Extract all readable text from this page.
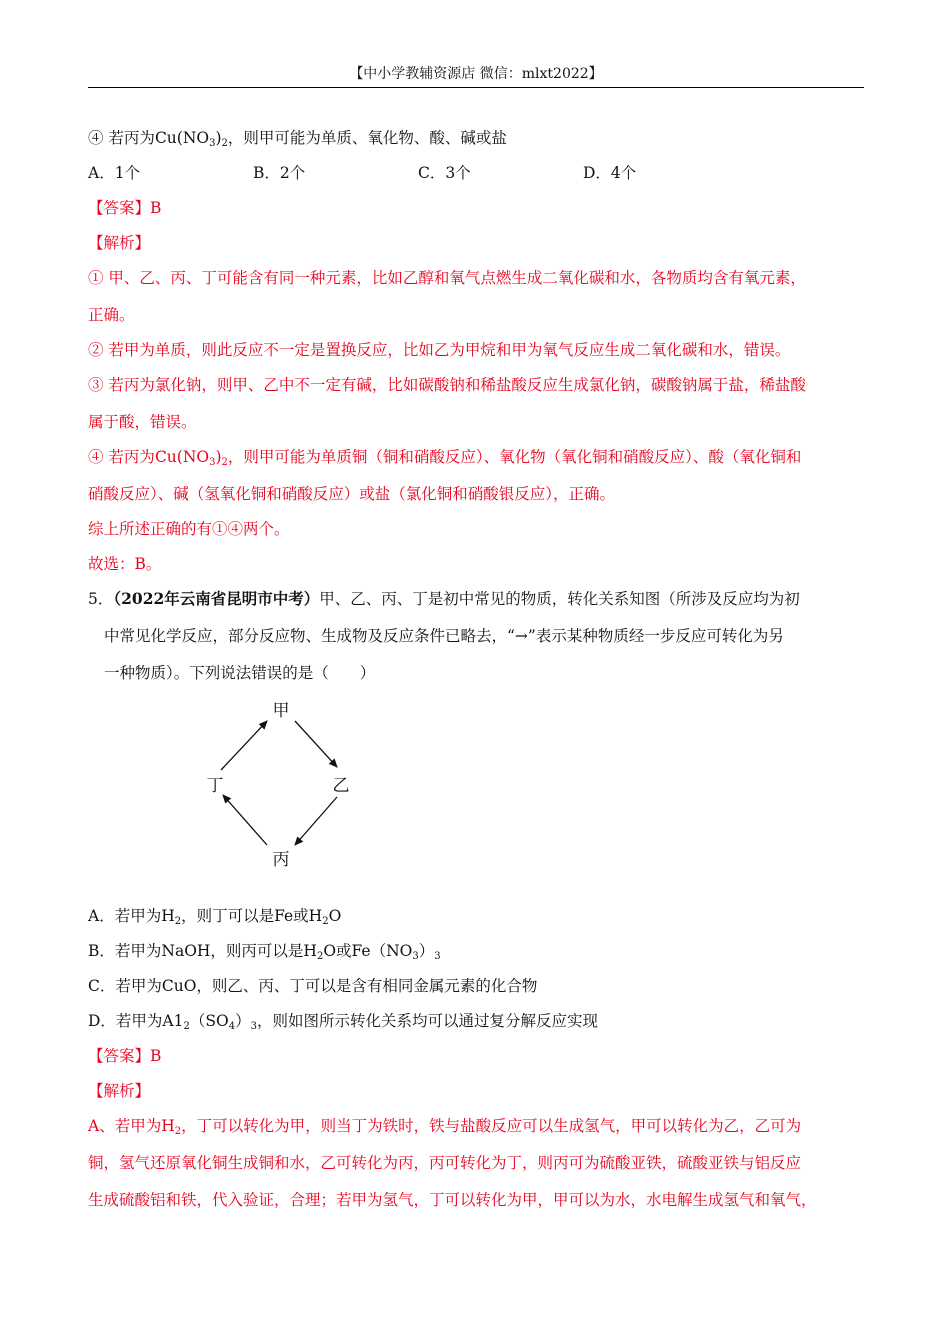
【中小学教辅资源店 微信：mlxt2022】
④ 若丙为$Cu(NO_3)_2$，则甲可能为单质、氧化物、酸、碱或盐
A．1个	B．2个	C．3个	D．4个
【答案】B
【解析】
① 甲、乙、丙、丁可能含有同一种元素，比如乙醇和氧气点燃生成二氧化碳和水，各物质均含有氧元素，
正确。
② 若甲为单质，则此反应不一定是置换反应，比如乙为甲烷和甲为氧气反应生成二氧化碳和水，错误。
③ 若丙为氯化钠，则甲、乙中不一定有碱，比如碳酸钠和稀盐酸反应生成氯化钠，碳酸钠属于盐，稀盐酸
属于酸，错误。
④ 若丙为$Cu(NO_3)_2$，则甲可能为单质铜（铜和硝酸反应）、氧化物（氧化铜和硝酸反应）、酸（氧化铜和
硝酸反应）、碱（氢氧化铜和硝酸反应）或盐（氯化铜和硝酸银反应），正确。
综上所述正确的有①④两个。
故选：B。
5．（2022年云南省昆明市中考）甲、乙、丙、丁是初中常见的物质，转化关系知图（所涉及反应均为初
中常见化学反应，部分反应物、生成物及反应条件已略去，“→”表示某种物质经一步反应可转化为另
一种物质）。下列说法错误的是（　　）
甲
乙
丙
丁
A．若甲为$H_2$，则丁可以是Fe或$H_2O$
B．若甲为NaOH，则丙可以是$H_2O$或$Fe(NO_3)_3$
C．若甲为CuO，则乙、丙、丁可以是含有相同金属元素的化合物
D．若甲为$A1_2(SO_4)_3$，则如图所示转化关系均可以通过复分解反应实现
【答案】B
【解析】
A、若甲为$H_2$，丁可以转化为甲，则当丁为铁时，铁与盐酸反应可以生成氢气，甲可以转化为乙，乙可为
铜，氢气还原氧化铜生成铜和水，乙可转化为丙，丙可转化为丁，则丙可为硫酸亚铁，硫酸亚铁与铝反应
生成硫酸铝和铁，代入验证，合理；若甲为氢气，丁可以转化为甲，甲可以为水，水电解生成氢气和氧气，
